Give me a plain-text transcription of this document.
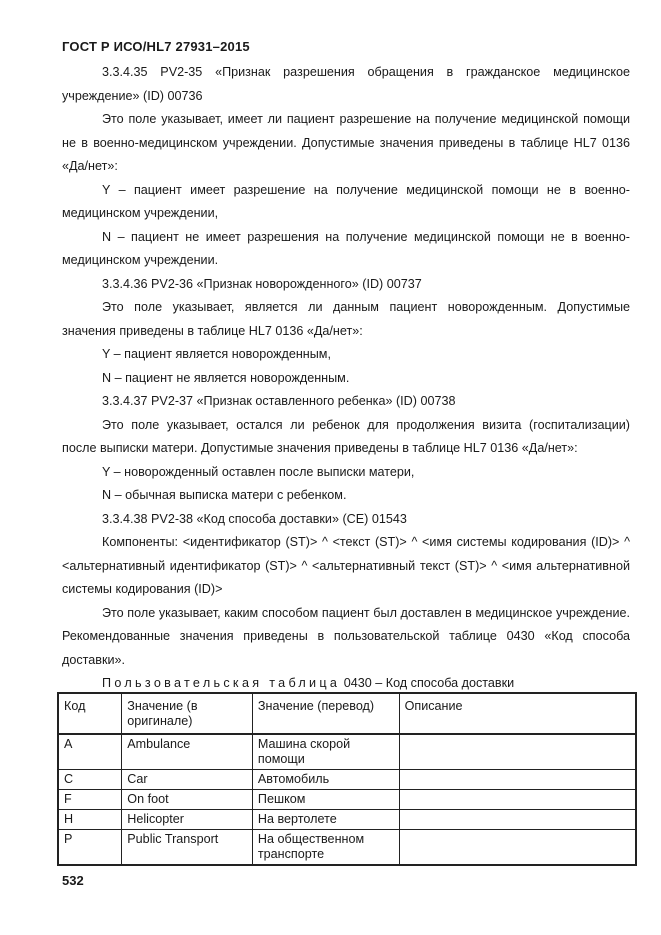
ГОСТ Р ИСО/HL7 27931–2015

3.3.4.35 PV2-35 «Признак разрешения обращения в гражданское медицинское учреждение» (ID) 00736

Это поле указывает, имеет ли пациент разрешение на получение медицинской помощи не в военно-медицинском учреждении. Допустимые значения приведены в таблице HL7 0136 «Да/нет»:

Y – пациент имеет разрешение на получение медицинской помощи не в военно-медицинском учреждении,

N – пациент не имеет разрешения на получение медицинской помощи не в военно-медицинском учреждении.

3.3.4.36 PV2-36 «Признак новорожденного» (ID) 00737

Это поле указывает, является ли данным пациент новорожденным. Допустимые значения приведены в таблице HL7 0136 «Да/нет»:

Y – пациент является новорожденным,

N – пациент не является новорожденным.

3.3.4.37 PV2-37 «Признак оставленного ребенка» (ID) 00738

Это поле указывает, остался ли ребенок для продолжения визита (госпитализации) после выписки матери. Допустимые значения приведены в таблице HL7 0136 «Да/нет»:

Y – новорожденный оставлен после выписки матери,

N – обычная выписка матери с ребенком.

3.3.4.38 PV2-38 «Код способа доставки» (CE) 01543

Компоненты: <идентификатор (ST)> ^ <текст (ST)> ^ <имя системы кодирования (ID)> ^ <альтернативный идентификатор (ST)> ^ <альтернативный текст (ST)> ^ <имя альтернативной системы кодирования (ID)>

Это поле указывает, каким способом пациент был доставлен в медицинское учреждение. Рекомендованные значения приведены в пользовательской таблице 0430 «Код способа доставки».

Пользовательская таблица 0430 – Код способа доставки

Код	Значение (в оригинале)	Значение (перевод)	Описание
A	Ambulance	Машина скорой помощи	
C	Car	Автомобиль	
F	On foot	Пешком	
H	Helicopter	На вертолете	
P	Public Transport	На общественном транспорте	
532
